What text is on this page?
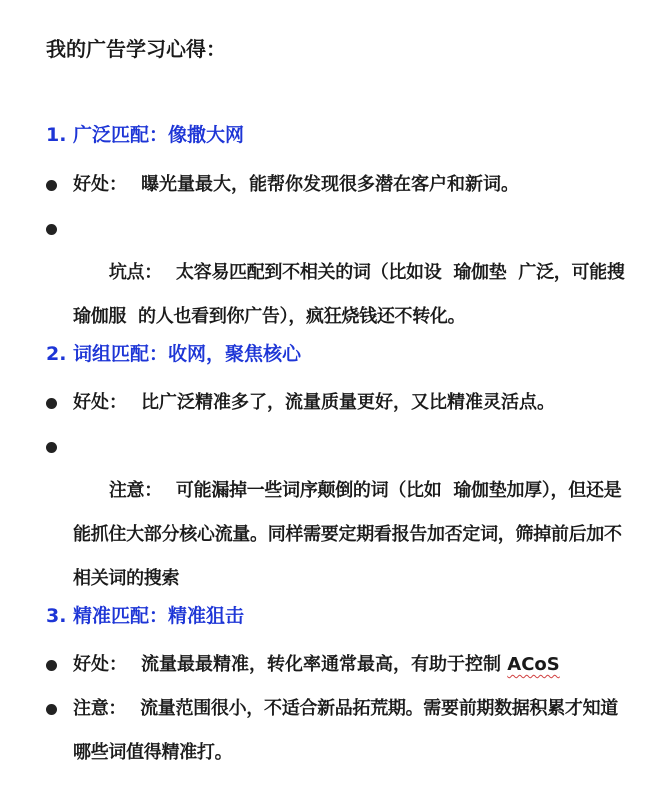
我的广告学习心得：
1. 广泛匹配：像撒大网
好处： 曝光量最大，能帮你发现很多潜在客户和新词。

坑点： 太容易匹配到不相关的词（比如设  瑜伽垫  广泛，可能搜  瑜伽服  的人也看到你广告），疯狂烧钱还不转化。

2. 词组匹配：收网，聚焦核心
好处： 比广泛精准多了，流量质量更好，又比精准灵活点。

注意： 可能漏掉一些词序颠倒的词（比如  瑜伽垫加厚），但还是能抓住大部分核心流量。同样需要定期看报告加否定词，筛掉前后加不相关词的搜索

3. 精准匹配：精准狙击
好处： 流量最最精准，转化率通常最高，有助于控制 ACoS
注意： 流量范围很小，不适合新品拓荒期。需要前期数据积累才知道哪些词值得精准打。
